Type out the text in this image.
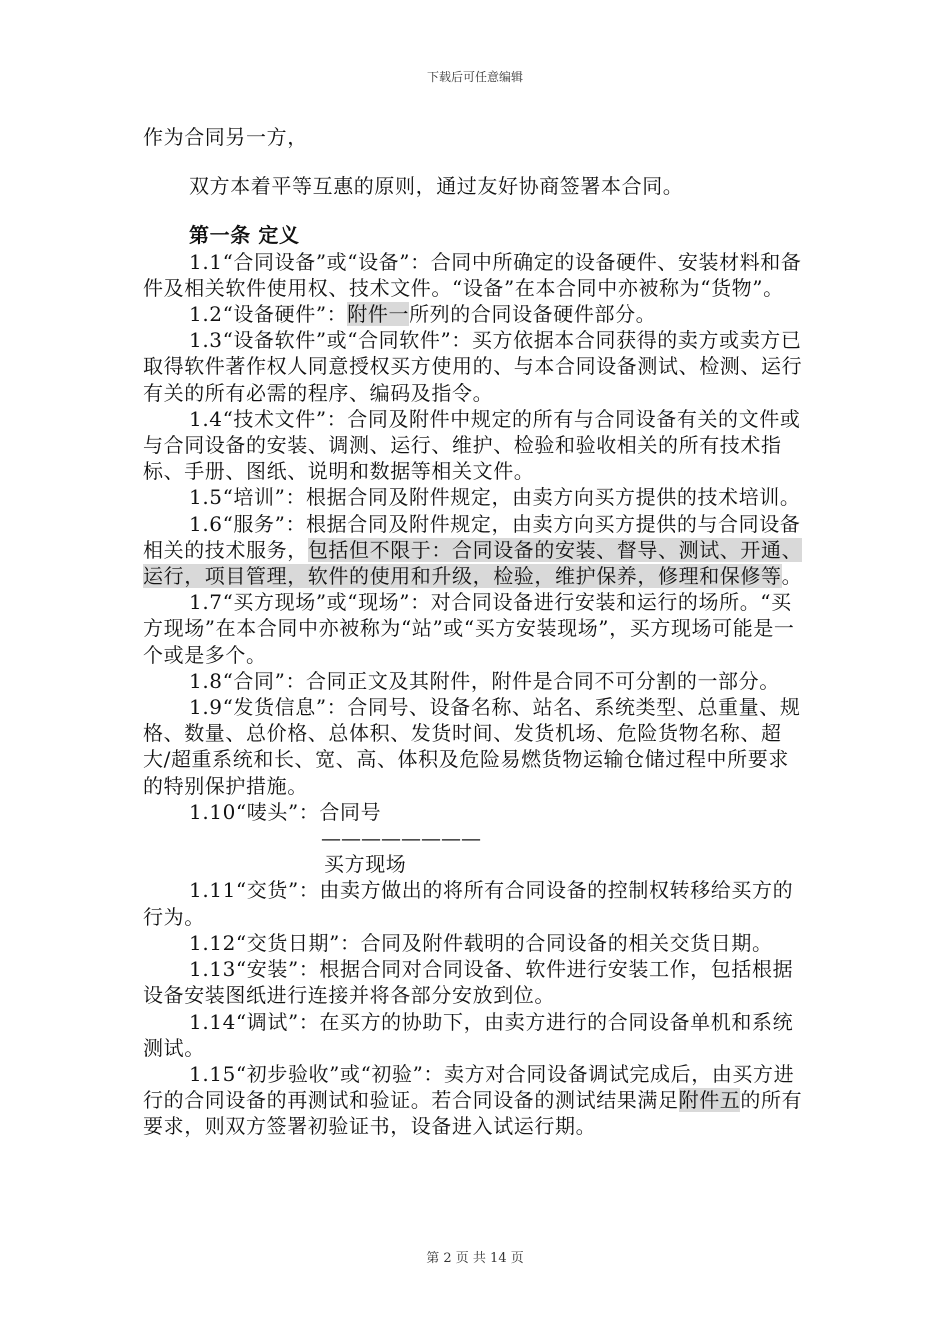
下载后可任意编辑

作为合同另一方，

双方本着平等互惠的原则，通过友好协商签署本合同。

第一条 定义

1.1“合同设备”或“设备”：合同中所确定的设备硬件、安装材料和备件及相关软件使用权、技术文件。“设备”在本合同中亦被称为“货物”。

1.2“设备硬件”：附件一所列的合同设备硬件部分。

1.3“设备软件”或“合同软件”：买方依据本合同获得的卖方或卖方已取得软件著作权人同意授权买方使用的、与本合同设备测试、检测、运行有关的所有必需的程序、编码及指令。

1.4“技术文件”：合同及附件中规定的所有与合同设备有关的文件或与合同设备的安装、调测、运行、维护、检验和验收相关的所有技术指标、手册、图纸、说明和数据等相关文件。

1.5“培训”：根据合同及附件规定，由卖方向买方提供的技术培训。

1.6“服务”：根据合同及附件规定，由卖方向买方提供的与合同设备相关的技术服务，包括但不限于：合同设备的安装、督导、测试、开通、运行，项目管理，软件的使用和升级，检验，维护保养，修理和保修等。

1.7“买方现场”或“现场”：对合同设备进行安装和运行的场所。“买方现场”在本合同中亦被称为“站”或“买方安装现场”，买方现场可能是一个或是多个。

1.8“合同”：合同正文及其附件，附件是合同不可分割的一部分。

1.9“发货信息”：合同号、设备名称、站名、系统类型、总重量、规格、数量、总价格、总体积、发货时间、发货机场、危险货物名称、超大/超重系统和长、宽、高、体积及危险易燃货物运输仓储过程中所要求的特别保护措施。

1.10“唛头”：合同号

————————

买方现场

1.11“交货”：由卖方做出的将所有合同设备的控制权转移给买方的行为。

1.12“交货日期”：合同及附件载明的合同设备的相关交货日期。

1.13“安装”：根据合同对合同设备、软件进行安装工作，包括根据设备安装图纸进行连接并将各部分安放到位。

1.14“调试”：在买方的协助下，由卖方进行的合同设备单机和系统测试。

1.15“初步验收”或“初验”：卖方对合同设备调试完成后，由买方进行的合同设备的再测试和验证。若合同设备的测试结果满足附件五的所有要求，则双方签署初验证书，设备进入试运行期。

第 2 页 共 14 页
